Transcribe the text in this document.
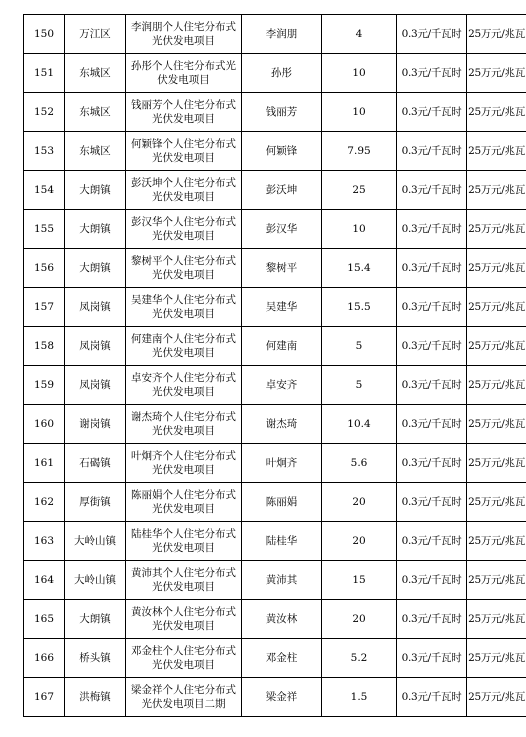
150	万江区	李润朋个人住宅分布式光伏发电项目	李润朋	4	0.3元/千瓦时	25万元/兆瓦
151	东城区	孙彤个人住宅分布式光伏发电项目	孙彤	10	0.3元/千瓦时	25万元/兆瓦
152	东城区	钱丽芳个人住宅分布式光伏发电项目	钱丽芳	10	0.3元/千瓦时	25万元/兆瓦
153	东城区	何颖锋个人住宅分布式光伏发电项目	何颖锋	7.95	0.3元/千瓦时	25万元/兆瓦
154	大朗镇	彭沃坤个人住宅分布式光伏发电项目	彭沃坤	25	0.3元/千瓦时	25万元/兆瓦
155	大朗镇	彭汉华个人住宅分布式光伏发电项目	彭汉华	10	0.3元/千瓦时	25万元/兆瓦
156	大朗镇	黎树平个人住宅分布式光伏发电项目	黎树平	15.4	0.3元/千瓦时	25万元/兆瓦
157	凤岗镇	吴建华个人住宅分布式光伏发电项目	吴建华	15.5	0.3元/千瓦时	25万元/兆瓦
158	凤岗镇	何建南个人住宅分布式光伏发电项目	何建南	5	0.3元/千瓦时	25万元/兆瓦
159	凤岗镇	卓安齐个人住宅分布式光伏发电项目	卓安齐	5	0.3元/千瓦时	25万元/兆瓦
160	谢岗镇	谢杰琦个人住宅分布式光伏发电项目	谢杰琦	10.4	0.3元/千瓦时	25万元/兆瓦
161	石碣镇	叶炯齐个人住宅分布式光伏发电项目	叶炯齐	5.6	0.3元/千瓦时	25万元/兆瓦
162	厚街镇	陈丽娟个人住宅分布式光伏发电项目	陈丽娟	20	0.3元/千瓦时	25万元/兆瓦
163	大岭山镇	陆桂华个人住宅分布式光伏发电项目	陆桂华	20	0.3元/千瓦时	25万元/兆瓦
164	大岭山镇	黄沛其个人住宅分布式光伏发电项目	黄沛其	15	0.3元/千瓦时	25万元/兆瓦
165	大朗镇	黄汝林个人住宅分布式光伏发电项目	黄汝林	20	0.3元/千瓦时	25万元/兆瓦
166	桥头镇	邓金柱个人住宅分布式光伏发电项目	邓金柱	5.2	0.3元/千瓦时	25万元/兆瓦
167	洪梅镇	梁金祥个人住宅分布式光伏发电项目二期	梁金祥	1.5	0.3元/千瓦时	25万元/兆瓦
